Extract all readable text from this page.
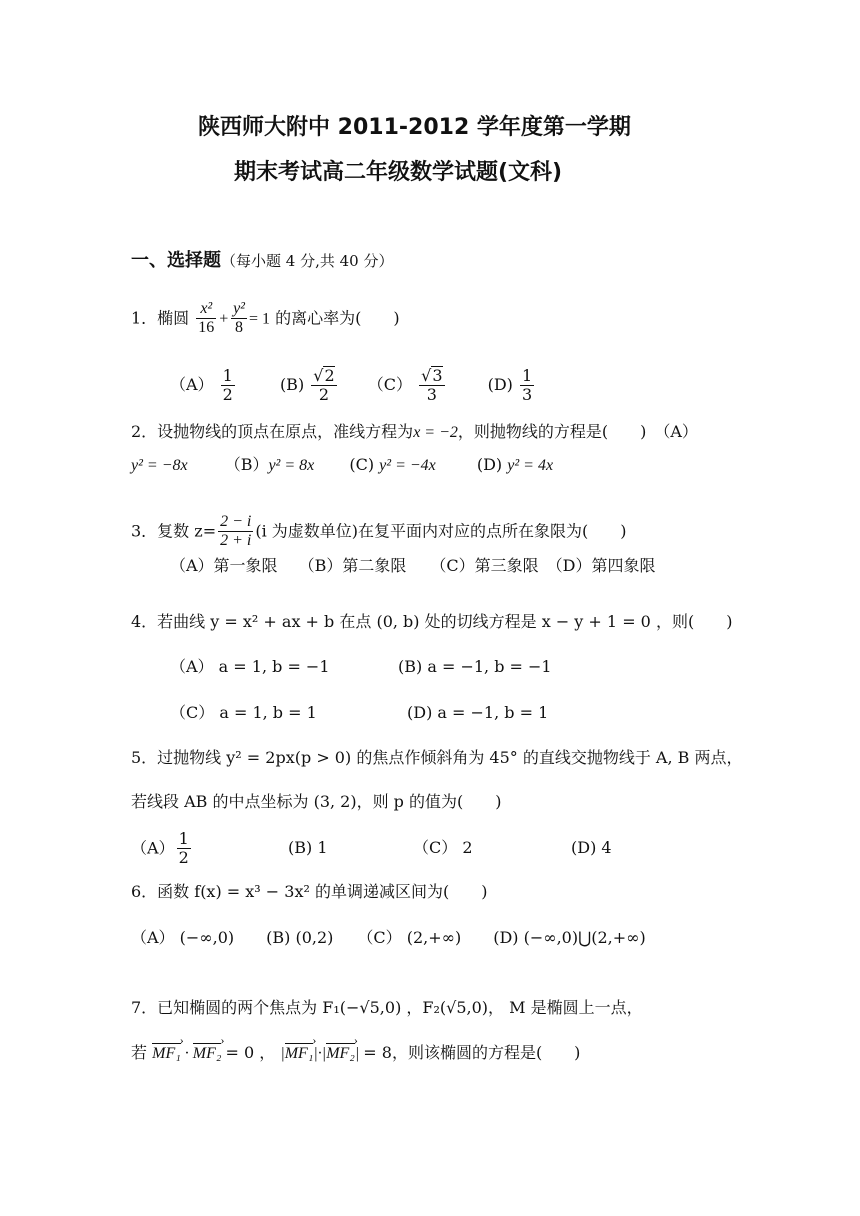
陕西师大附中 2011-2012 学年度第一学期
期末考试高二年级数学试题(文科)
一、选择题（每小题 4 分,共 40 分）
1．椭圆 $\frac{\text{x²}}{16} + \frac{\text{y²}}{8} = 1$ 的离心率为(　　)
$(A) \frac{1}{2}$	$(B) \frac{√2}{2} (C) \frac{√3}{3}$	$(D) \frac{1}{3}$
2．设抛物线的顶点在原点，准线方程为x = −2，则抛物线的方程是(　　)　（A）
y² = −8x （B）y² = 8x (C) y² = −4x	(D) y² = 4x
3．复数 $z= \frac{2 - i}{2 + i} (i$ 为虚数单位)在复平面内对应的点所在象限为(　　)
（A）第一象限　 （B）第二象限　　（C）第三象限　（D）第四象限
4．若曲线 y = x² + ax + b 在点 (0, b) 处的切线方程是 x − y + 1 = 0 ，则(　　)
（A） a = 1, b = −1	(B) a = −1, b = −1
（C） a = 1, b = 1	(D) a = −1, b = 1
5．过抛物线 y² = 2px(p > 0) 的焦点作倾斜角为 45° 的直线交抛物线于 A, B 两点，
若线段 AB 的中点坐标为 (3, 2)，则 p 的值为(　　)
$(A) \frac{1}{2}$	(B) 1	（C） 2	(D) 4
6．函数 f(x) = x³ − 3x² 的单调递减区间为(　　)
（A） (−∞,0)　　(B) (0,2)　　（C） (2,+∞)　　(D) (−∞,0)⋃(2,+∞)
7．已知椭圆的两个焦点为 F₁(−√5,0) ，F₂(√5,0)， M 是椭圆上一点，
若 MF₁ › · MF₂ › = 0 ， |MF₁ ›|·|MF₂ ›| = 8，则该椭圆的方程是(　　)
